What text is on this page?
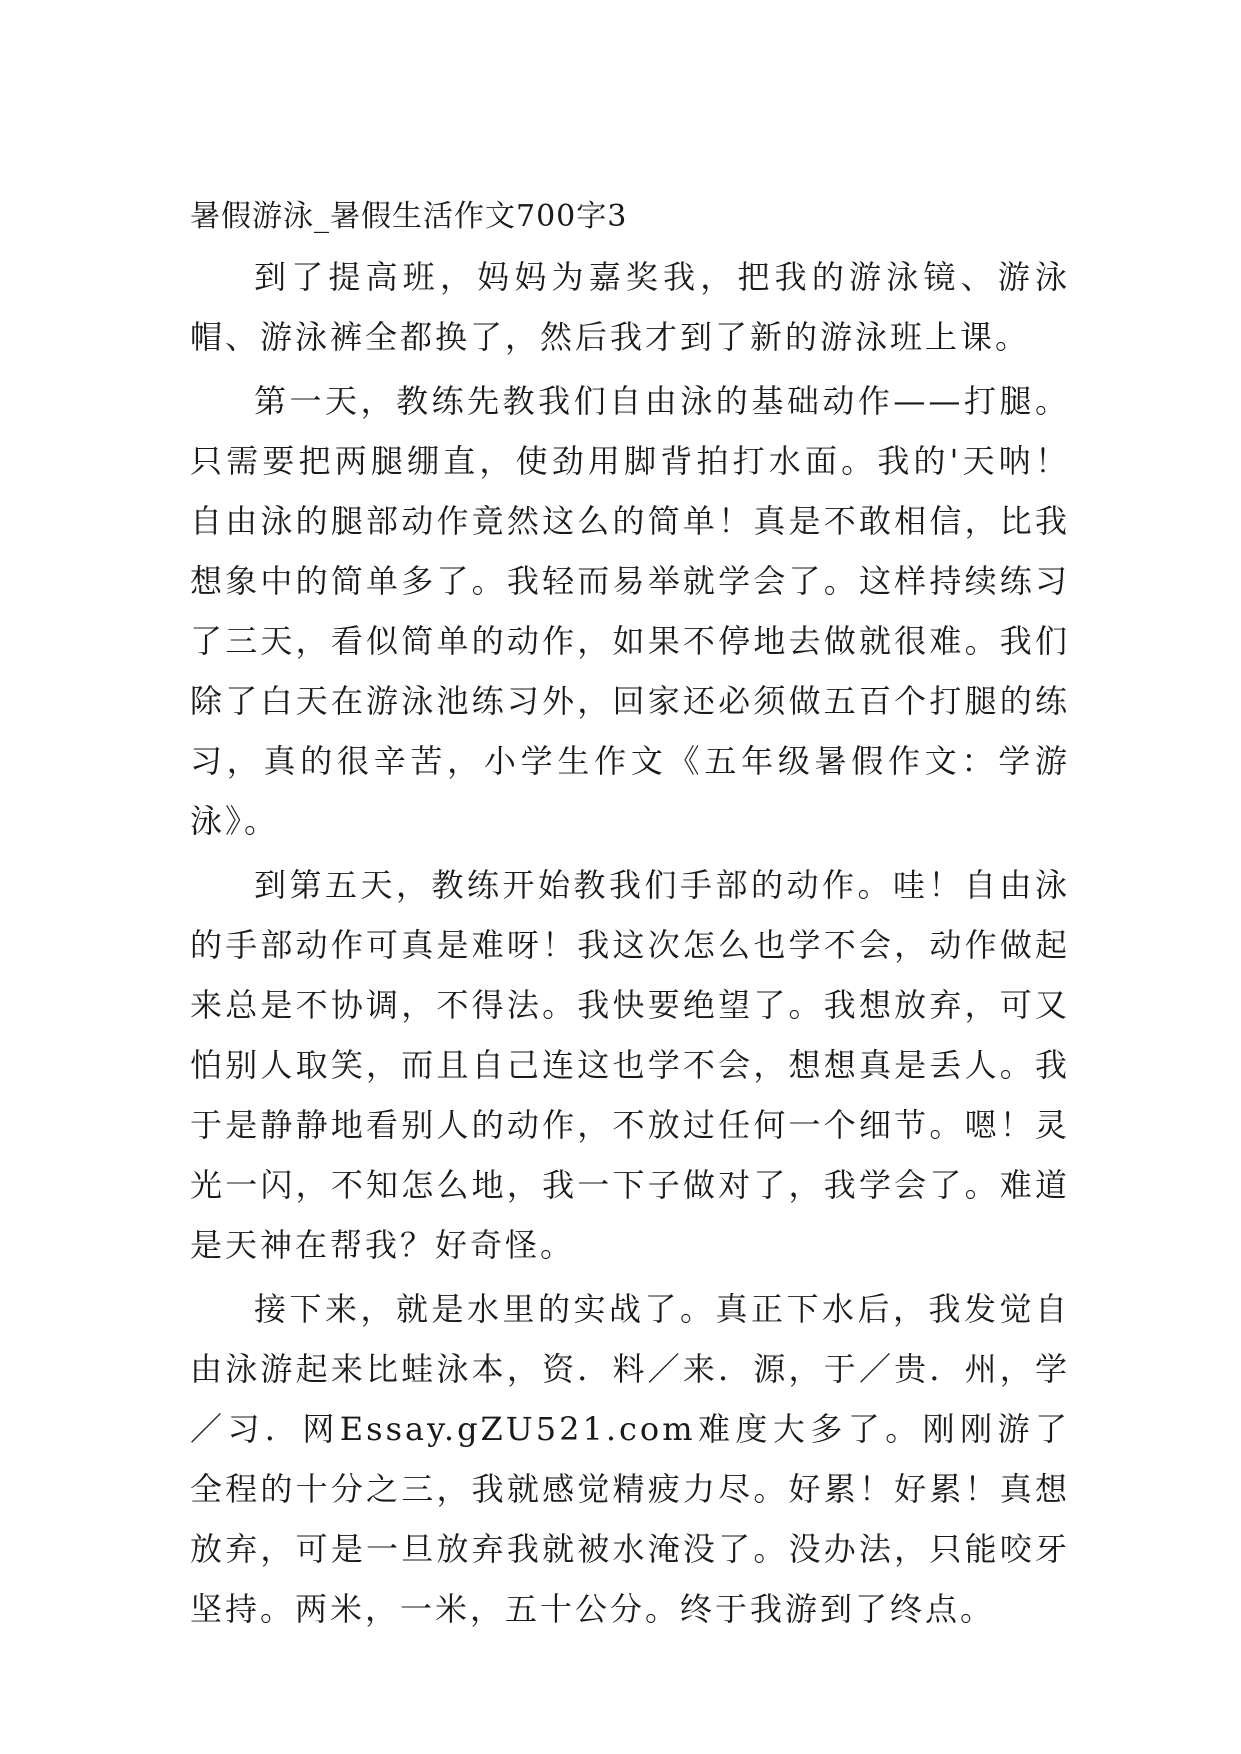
暑假游泳_暑假生活作文700字3

到了提高班，妈妈为嘉奖我，把我的游泳镜、游泳帽、游泳裤全都换了，然后我才到了新的游泳班上课。

第一天，教练先教我们自由泳的基础动作——打腿。只需要把两腿绷直，使劲用脚背拍打水面。我的'天呐！自由泳的腿部动作竟然这么的简单！真是不敢相信，比我想象中的简单多了。我轻而易举就学会了。这样持续练习了三天，看似简单的动作，如果不停地去做就很难。我们除了白天在游泳池练习外，回家还必须做五百个打腿的练习，真的很辛苦，小学生作文《五年级暑假作文：学游泳》。

到第五天，教练开始教我们手部的动作。哇！自由泳的手部动作可真是难呀！我这次怎么也学不会，动作做起来总是不协调，不得法。我快要绝望了。我想放弃，可又怕别人取笑，而且自己连这也学不会，想想真是丢人。我于是静静地看别人的动作，不放过任何一个细节。嗯！灵光一闪，不知怎么地，我一下子做对了，我学会了。难道是天神在帮我？好奇怪。

接下来，就是水里的实战了。真正下水后，我发觉自由泳游起来比蛙泳本，资．料／来．源，于／贵．州，学／习．网Essay.gZU521.com难度大多了。刚刚游了全程的十分之三，我就感觉精疲力尽。好累！好累！真想放弃，可是一旦放弃我就被水淹没了。没办法，只能咬牙坚持。两米，一米，五十公分。终于我游到了终点。
